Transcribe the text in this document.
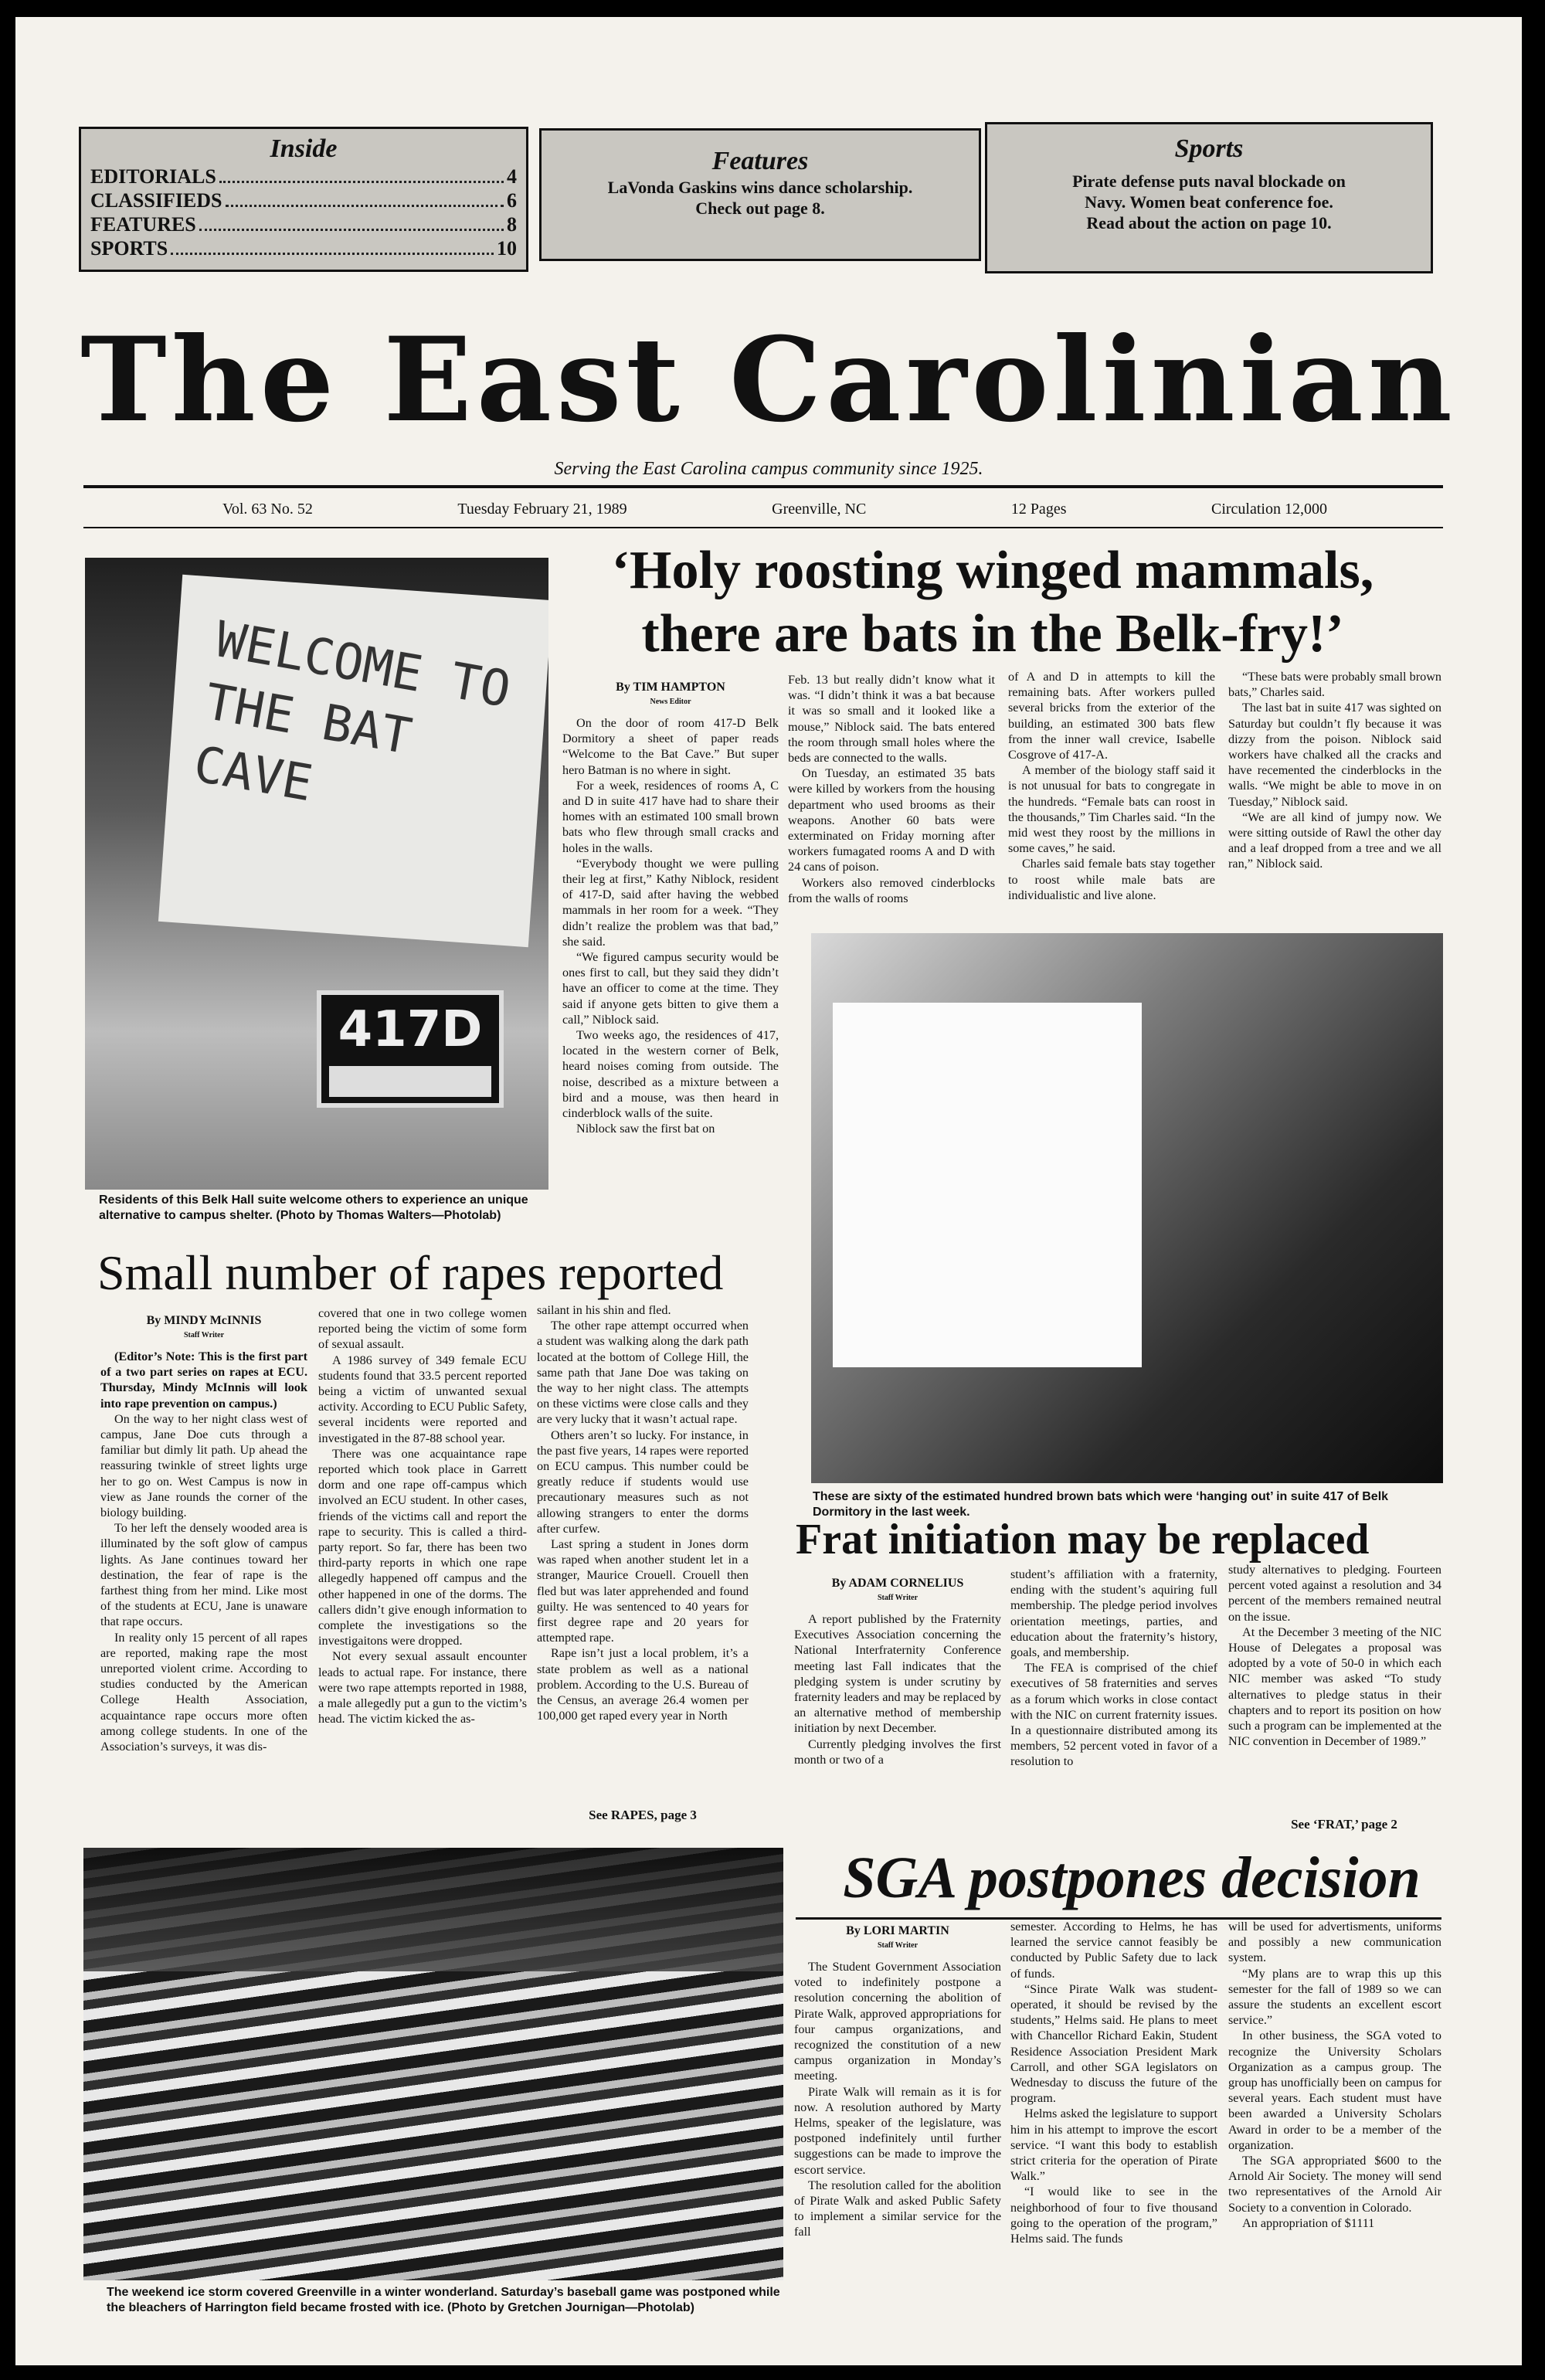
Inside
EDITORIALS	4
CLASSIFIEDS	6
FEATURES	8
SPORTS	10
Features
LaVonda Gaskins wins dance scholarship.
Check out page 8.
Sports
Pirate defense puts naval blockade on
Navy. Women beat conference foe.
Read about the action on page 10.
The East Carolinian
Serving the East Carolina campus community since 1925.
Vol. 63 No. 52	Tuesday February 21, 1989	Greenville, NC	12 Pages	Circulation 12,000
WELCOME TO THE BAT CAVE
417D
Residents of this Belk Hall suite welcome others to experience an unique alternative to campus shelter. (Photo by Thomas Walters—Photolab)
‘Holy roosting winged mammals,
there are bats in the Belk-fry!’
By TIM HAMPTON
News Editor

On the door of room 417-D Belk Dormitory a sheet of paper reads “Welcome to the Bat Cave.” But super hero Batman is no where in sight.

For a week, residences of rooms A, C and D in suite 417 have had to share their homes with an estimated 100 small brown bats who flew through small cracks and holes in the walls.

“Everybody thought we were pulling their leg at first,” Kathy Niblock, resident of 417-D, said after having the webbed mammals in her room for a week. “They didn’t realize the problem was that bad,” she said.

“We figured campus security would be ones first to call, but they said they didn’t have an officer to come at the time. They said if anyone gets bitten to give them a call,” Niblock said.

Two weeks ago, the residences of 417, located in the western corner of Belk, heard noises coming from outside. The noise, described as a mixture between a bird and a mouse, was then heard in cinderblock walls of the suite.

Niblock saw the first bat on

Feb. 13 but really didn’t know what it was. “I didn’t think it was a bat because it was so small and it looked like a mouse,” Niblock said. The bats entered the room through small holes where the beds are connected to the walls.

On Tuesday, an estimated 35 bats were killed by workers from the housing department who used brooms as their weapons. Another 60 bats were exterminated on Friday morning after workers fumagated rooms A and D with 24 cans of poison.

Workers also removed cinderblocks from the walls of rooms

of A and D in attempts to kill the remaining bats. After workers pulled several bricks from the exterior of the building, an estimated 300 bats flew from the inner wall crevice, Isabelle Cosgrove of 417-A.

A member of the biology staff said it is not unusual for bats to congregate in the hundreds. “Female bats can roost in the thousands,” Tim Charles said. “In the mid west they roost by the millions in some caves,” he said.

Charles said female bats stay together to roost while male bats are individualistic and live alone.

“These bats were probably small brown bats,” Charles said.

The last bat in suite 417 was sighted on Saturday but couldn’t fly because it was dizzy from the poison. Niblock said workers have chalked all the cracks and have recemented the cinderblocks in the walls. “We might be able to move in on Tuesday,” Niblock said.

“We are all kind of jumpy now. We were sitting outside of Rawl the other day and a leaf dropped from a tree and we all ran,” Niblock said.

These are sixty of the estimated hundred brown bats which were ‘hanging out’ in suite 417 of Belk Dormitory in the last week.
Small number of rapes reported
By MINDY McINNIS
Staff Writer

(Editor’s Note: This is the first part of a two part series on rapes at ECU. Thursday, Mindy McInnis will look into rape prevention on campus.)

On the way to her night class west of campus, Jane Doe cuts through a familiar but dimly lit path. Up ahead the reassuring twinkle of street lights urge her to go on. West Campus is now in view as Jane rounds the corner of the biology building.

To her left the densely wooded area is illuminated by the soft glow of campus lights. As Jane continues toward her destination, the fear of rape is the farthest thing from her mind. Like most of the students at ECU, Jane is unaware that rape occurs.

In reality only 15 percent of all rapes are reported, making rape the most unreported violent crime. According to studies conducted by the American College Health Association, acquaintance rape occurs more often among college students. In one of the Association’s surveys, it was dis-

covered that one in two college women reported being the victim of some form of sexual assault.

A 1986 survey of 349 female ECU students found that 33.5 percent reported being a victim of unwanted sexual activity. According to ECU Public Safety, several incidents were reported and investigated in the 87-88 school year.

There was one acquaintance rape reported which took place in Garrett dorm and one rape off-campus which involved an ECU student. In other cases, friends of the victims call and report the rape to security. This is called a third-party report. So far, there has been two third-party reports in which one rape allegedly happened off campus and the other happened in one of the dorms. The callers didn’t give enough information to complete the investigations so the investigaitons were dropped.

Not every sexual assault encounter leads to actual rape. For instance, there were two rape attempts reported in 1988, a male allegedly put a gun to the victim’s head. The victim kicked the as-

sailant in his shin and fled.

The other rape attempt occurred when a student was walking along the dark path located at the bottom of College Hill, the same path that Jane Doe was taking on the way to her night class. The attempts on these victims were close calls and they are very lucky that it wasn’t actual rape.

Others aren’t so lucky. For instance, in the past five years, 14 rapes were reported on ECU campus. This number could be greatly reduce if students would use precautionary measures such as not allowing strangers to enter the dorms after curfew.

Last spring a student in Jones dorm was raped when another student let in a stranger, Maurice Crouell. Crouell then fled but was later apprehended and found guilty. He was sentenced to 40 years for first degree rape and 20 years for attempted rape.

Rape isn’t just a local problem, it’s a state problem as well as a national problem. According to the U.S. Bureau of the Census, an average 26.4 women per 100,000 get raped every year in North

See RAPES, page 3
Frat initiation may be replaced
By ADAM CORNELIUS
Staff Writer

A report published by the Fraternity Executives Association concerning the National Interfraternity Conference meeting last Fall indicates that the pledging system is under scrutiny by fraternity leaders and may be replaced by an alternative method of membership initiation by next December.

Currently pledging involves the first month or two of a

student’s affiliation with a fraternity, ending with the student’s aquiring full membership. The pledge period involves orientation meetings, parties, and education about the fraternity’s history, goals, and membership.

The FEA is comprised of the chief executives of 58 fraternities and serves as a forum which works in close contact with the NIC on current fraternity issues. In a questionnaire distributed among its members, 52 percent voted in favor of a resolution to

study alternatives to pledging. Fourteen percent voted against a resolution and 34 percent of the members remained neutral on the issue.

At the December 3 meeting of the NIC House of Delegates a proposal was adopted by a vote of 50-0 in which each NIC member was asked “To study alternatives to pledge status in their chapters and to report its position on how such a program can be implemented at the NIC convention in December of 1989.”

See ‘FRAT,’ page 2
The weekend ice storm covered Greenville in a winter wonderland. Saturday’s baseball game was postponed while the bleachers of Harrington field became frosted with ice. (Photo by Gretchen Journigan—Photolab)
SGA postpones decision
By LORI MARTIN
Staff Writer

The Student Government Association voted to indefinitely postpone a resolution concerning the abolition of Pirate Walk, approved appropriations for four campus organizations, and recognized the constitution of a new campus organization in Monday’s meeting.

Pirate Walk will remain as it is for now. A resolution authored by Marty Helms, speaker of the legislature, was postponed indefinitely until further suggestions can be made to improve the escort service.

The resolution called for the abolition of Pirate Walk and asked Public Safety to implement a similar service for the fall

semester. According to Helms, he has learned the service cannot feasibly be conducted by Public Safety due to lack of funds.

“Since Pirate Walk was student-operated, it should be revised by the students,” Helms said. He plans to meet with Chancellor Richard Eakin, Student Residence Association President Mark Carroll, and other SGA legislators on Wednesday to discuss the future of the program.

Helms asked the legislature to support him in his attempt to improve the escort service. “I want this body to establish strict criteria for the operation of Pirate Walk.”

“I would like to see in the neighborhood of four to five thousand going to the operation of the program,” Helms said. The funds

will be used for advertisments, uniforms and possibly a new communication system.

“My plans are to wrap this up this semester for the fall of 1989 so we can assure the students an excellent escort service.”

In other business, the SGA voted to recognize the University Scholars Organization as a campus group. The group has unofficially been on campus for several years. Each student must have been awarded a University Scholars Award in order to be a member of the organization.

The SGA appropriated $600 to the Arnold Air Society. The money will send two representatives of the Arnold Air Society to a convention in Colorado.

An appropriation of $1111
